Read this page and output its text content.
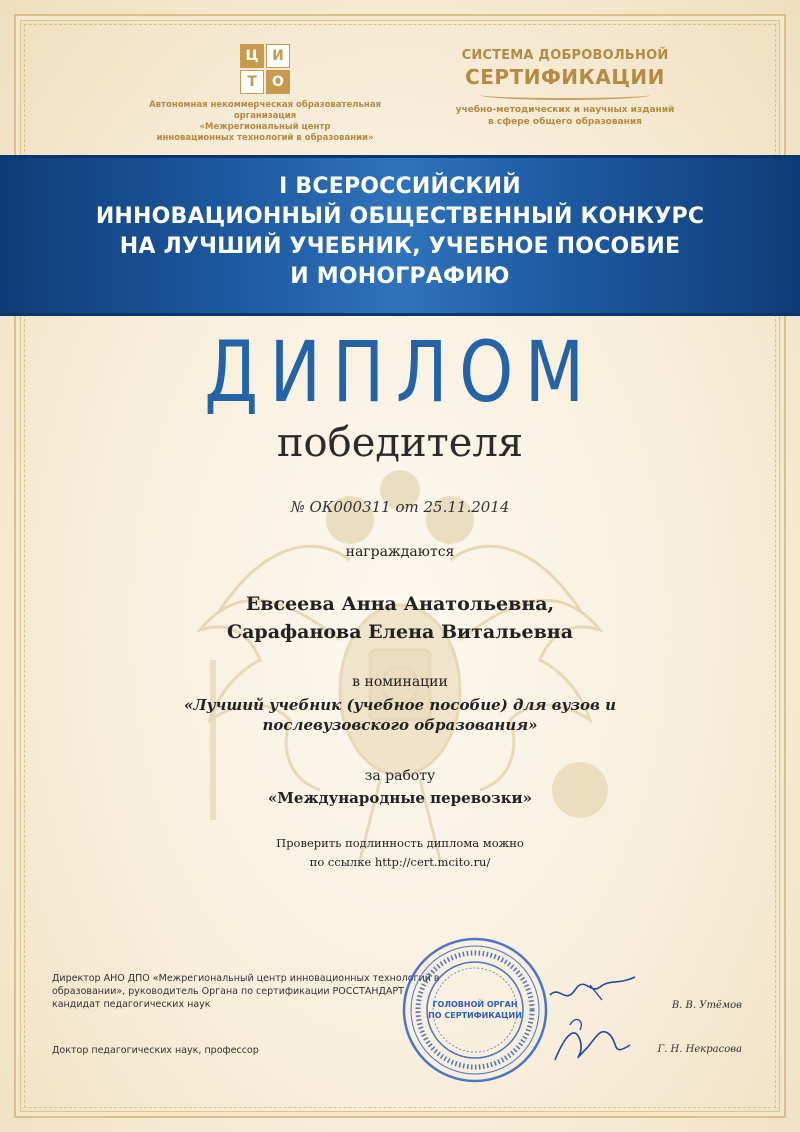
Ц И
Т	О
Автономная некоммерческая образовательная организация
«Межрегиональный центр
инновационных технологий в образовании»
СИСТЕМА ДОБРОВОЛЬНОЙ
СЕРТИФИКАЦИИ
учебно-методических и научных изданий
в сфере общего образования
I ВСЕРОССИЙСКИЙ
ИННОВАЦИОННЫЙ ОБЩЕСТВЕННЫЙ КОНКУРС
НА ЛУЧШИЙ УЧЕБНИК, УЧЕБНОЕ ПОСОБИЕ
И МОНОГРАФИЮ
ДИПЛОМ
победителя
№ ОК000311 от 25.11.2014
награждаются
Евсеева Анна Анатольевна,
Сарафанова Елена Витальевна
в номинации
«Лучший учебник (учебное пособие) для вузов и
послевузовского образования»
за работу
«Международные перевозки»
Проверить подлинность диплома можно
по ссылке http://cert.mcito.ru/
Директор АНО ДПО «Межрегиональный центр инновационных технологий в
образовании», руководитель Органа по сертификации РОССТАНДАРТ,
кандидат педагогических наук	В. В. Утёмов
Доктор педагогических наук, профессор	Г. Н. Некрасова
ГОЛОВНОЙ ОРГАН
ПО СЕРТИФИКАЦИИ
